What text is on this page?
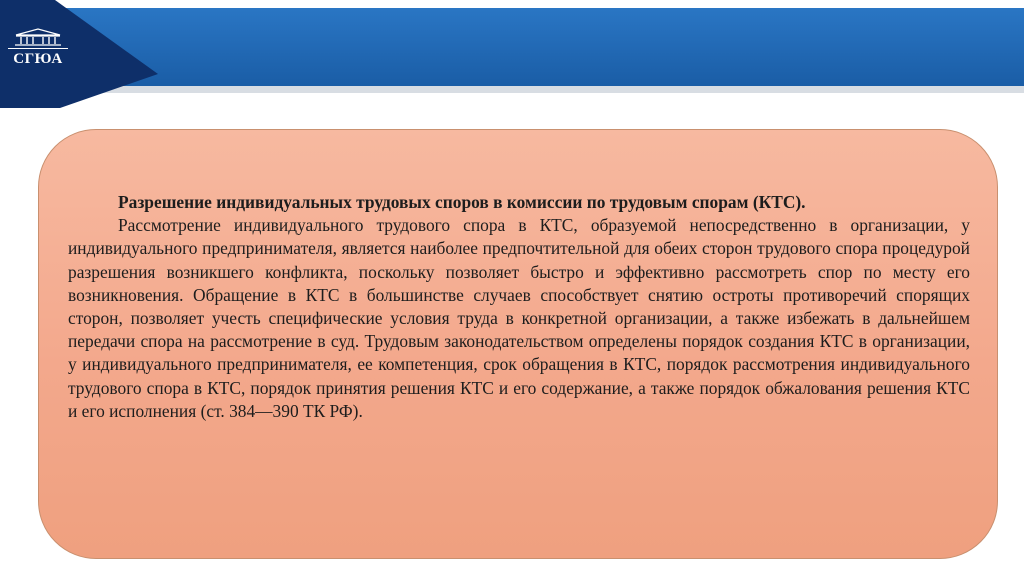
СГЮА

Разрешение индивидуальных трудовых споров в комиссии по трудовым спорам (КТС).

Рассмотрение индивидуального трудового спора в КТС, образуемой непосредственно в организации, у индивидуального предпринимателя, является наиболее предпочтительной для обеих сторон трудового спора процедурой разрешения возникшего конфликта, поскольку позволяет быстро и эффективно рассмотреть спор по месту его возникновения. Обращение в КТС в большинстве случаев способствует снятию остроты противоречий спорящих сторон, позволяет учесть специфические условия труда в конкретной организации, а также избежать в дальнейшем передачи спора на рассмотрение в суд. Трудовым законодательством определены порядок создания КТС в организации, у индивидуального предпринимателя, ее компетенция, срок обращения в КТС, порядок рассмотрения индивидуального трудового спора в КТС, порядок принятия решения КТС и его содержание, а также порядок обжалования решения КТС и его исполнения (ст. 384—390 ТК РФ).
